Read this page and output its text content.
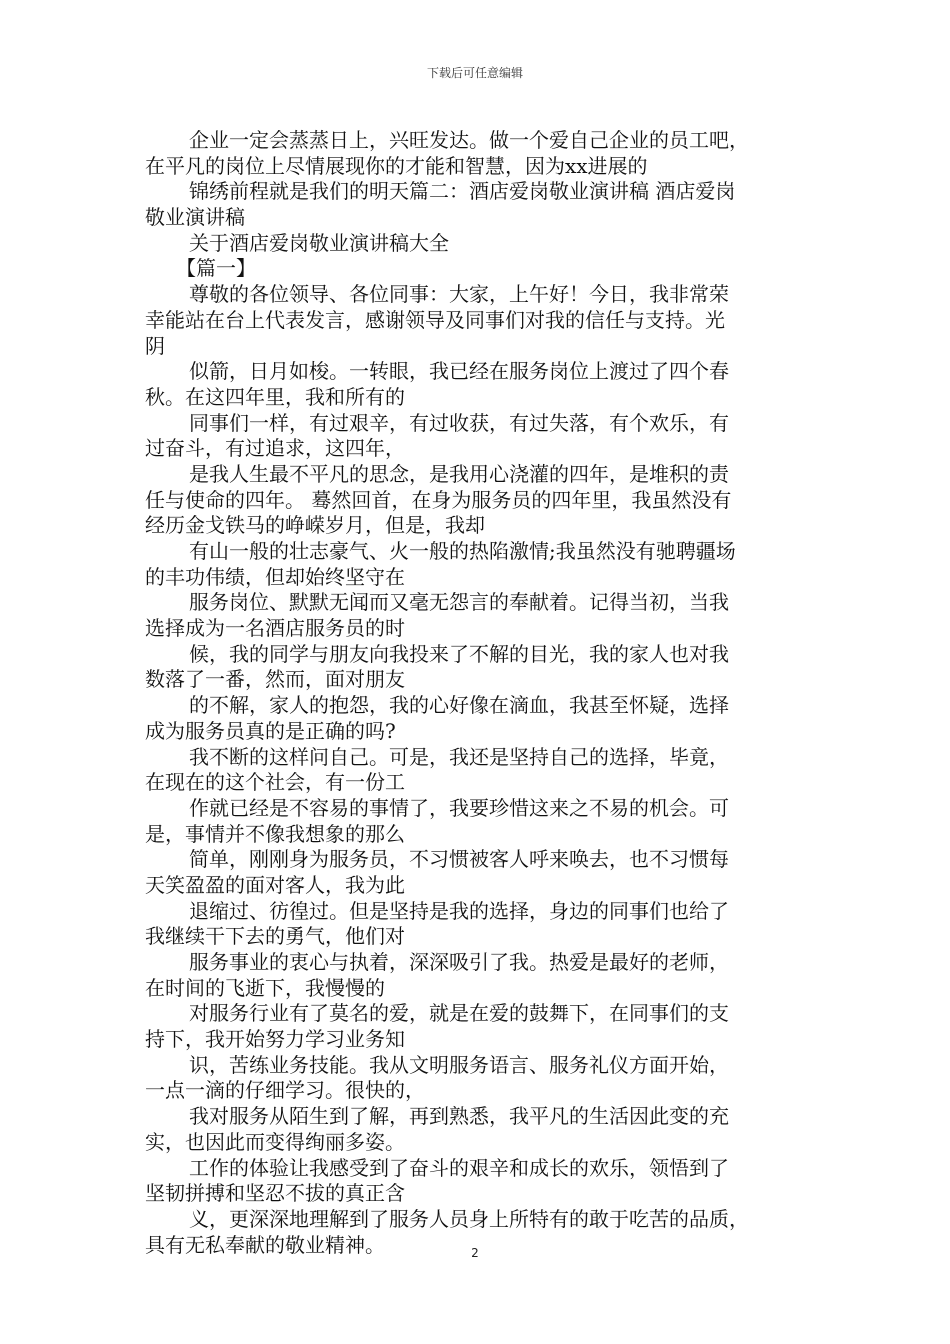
下载后可任意编辑
企业一定会蒸蒸日上，兴旺发达。做一个爱自己企业的员工吧，
在平凡的岗位上尽情展现你的才能和智慧，因为xx进展的
锦绣前程就是我们的明天篇二：酒店爱岗敬业演讲稿 酒店爱岗
敬业演讲稿
关于酒店爱岗敬业演讲稿大全
【篇一】
尊敬的各位领导、各位同事：大家，上午好！今日，我非常荣
幸能站在台上代表发言，感谢领导及同事们对我的信任与支持。光
阴
似箭，日月如梭。一转眼，我已经在服务岗位上渡过了四个春
秋。在这四年里，我和所有的
同事们一样，有过艰辛，有过收获，有过失落，有个欢乐，有
过奋斗，有过追求，这四年，
是我人生最不平凡的思念，是我用心浇灌的四年，是堆积的责
任与使命的四年。 蓦然回首，在身为服务员的四年里，我虽然没有
经历金戈铁马的峥嵘岁月，但是，我却
有山一般的壮志豪气、火一般的热陷激情;我虽然没有驰聘疆场
的丰功伟绩，但却始终坚守在
服务岗位、默默无闻而又毫无怨言的奉献着。记得当初，当我
选择成为一名酒店服务员的时
候，我的同学与朋友向我投来了不解的目光，我的家人也对我
数落了一番，然而，面对朋友
的不解，家人的抱怨，我的心好像在滴血，我甚至怀疑，选择
成为服务员真的是正确的吗?
我不断的这样问自己。可是，我还是坚持自己的选择，毕竟，
在现在的这个社会，有一份工
作就已经是不容易的事情了，我要珍惜这来之不易的机会。可
是，事情并不像我想象的那么
简单，刚刚身为服务员，不习惯被客人呼来唤去，也不习惯每
天笑盈盈的面对客人，我为此
退缩过、彷徨过。但是坚持是我的选择，身边的同事们也给了
我继续干下去的勇气，他们对
服务事业的衷心与执着，深深吸引了我。热爱是最好的老师，
在时间的飞逝下，我慢慢的
对服务行业有了莫名的爱，就是在爱的鼓舞下，在同事们的支
持下，我开始努力学习业务知
识，苦练业务技能。我从文明服务语言、服务礼仪方面开始，
一点一滴的仔细学习。很快的，
我对服务从陌生到了解，再到熟悉，我平凡的生活因此变的充
实，也因此而变得绚丽多姿。
工作的体验让我感受到了奋斗的艰辛和成长的欢乐，领悟到了
坚韧拼搏和坚忍不拔的真正含
义，更深深地理解到了服务人员身上所特有的敢于吃苦的品质，
具有无私奉献的敬业精神。	2
